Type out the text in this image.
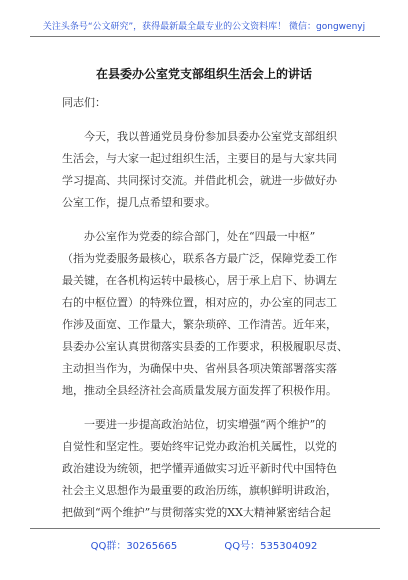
关注头条号“公文研究”，获得最新最全最专业的公文资料库！ 微信：gongwenyj
在县委办公室党支部组织生活会上的讲话

同志们：

今天，我以普通党员身份参加县委办公室党支部组织
生活会，与大家一起过组织生活，主要目的是与大家共同
学习提高、共同探讨交流。并借此机会，就进一步做好办
公室工作，提几点希望和要求。

办公室作为党委的综合部门，处在“四最一中枢”
（指为党委服务最核心，联系各方最广泛，保障党委工作
最关键，在各机构运转中最核心，居于承上启下、协调左
右的中枢位置）的特殊位置，相对应的，办公室的同志工
作涉及面宽、工作量大，繁杂琐碎、工作清苦。近年来，
县委办公室认真贯彻落实县委的工作要求，积极履职尽责、
主动担当作为，为确保中央、省州县各项决策部署落实落
地，推动全县经济社会高质量发展方面发挥了积极作用。

一要进一步提高政治站位，切实增强“两个维护”的
自觉性和坚定性。要始终牢记党办政治机关属性，以党的
政治建设为统领，把学懂弄通做实习近平新时代中国特色
社会主义思想作为最重要的政治历练，旗帜鲜明讲政治，
把做到“两个维护”与贯彻落实党的XX大精神紧密结合起

QQ群：30265665	QQ号：535304092
